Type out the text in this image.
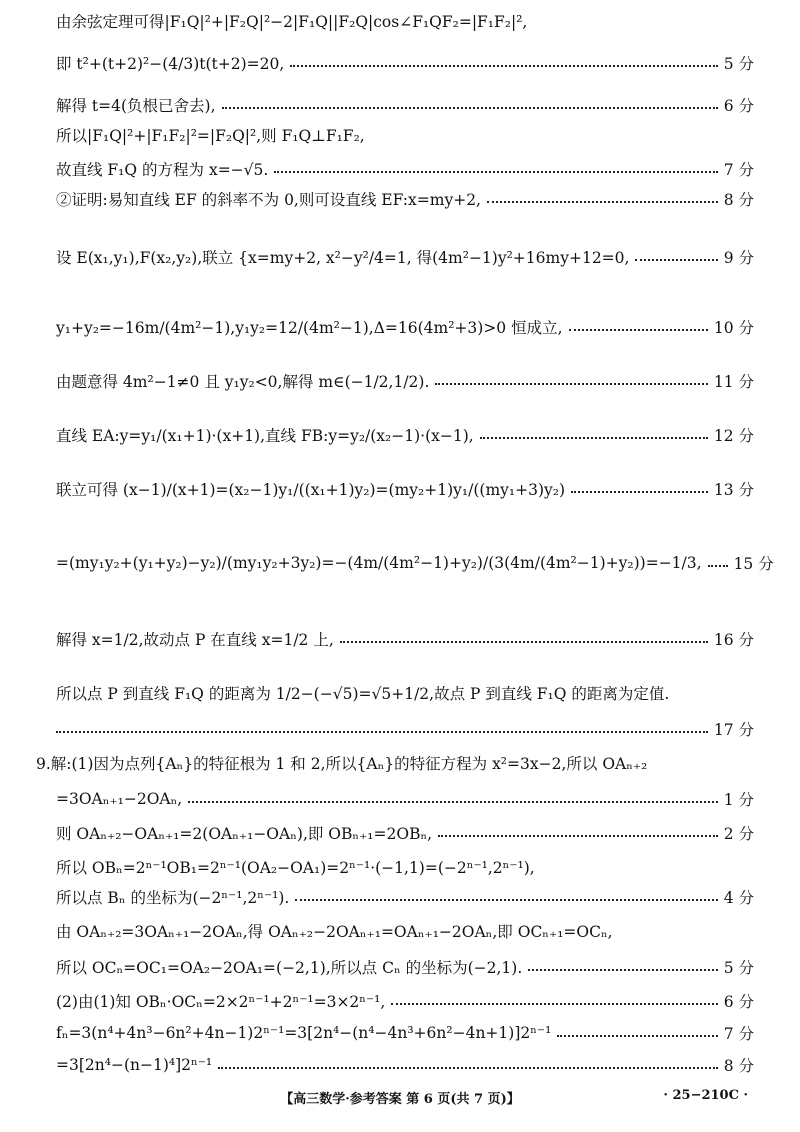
由余弦定理可得|F₁Q|²+|F₂Q|²−2|F₁Q||F₂Q|cos∠F₁QF₂=|F₁F₂|²,
即 t²+(t+2)²−(4/3)t(t+2)=20,	5 分
解得 t=4(负根已舍去),	6 分
所以|F₁Q|²+|F₁F₂|²=|F₂Q|²,则 F₁Q⊥F₁F₂,
故直线 F₁Q 的方程为 x=−√5.	7 分
②证明:易知直线 EF 的斜率不为 0,则可设直线 EF:x=my+2,	8 分
设 E(x₁,y₁),F(x₂,y₂),联立 {x=my+2, x²−y²/4=1, 得(4m²−1)y²+16my+12=0,	9 分
y₁+y₂=−16m/(4m²−1),y₁y₂=12/(4m²−1),Δ=16(4m²+3)>0 恒成立,	10 分
由题意得 4m²−1≠0 且 y₁y₂<0,解得 m∈(−1/2,1/2).	11 分
直线 EA:y=y₁/(x₁+1)·(x+1),直线 FB:y=y₂/(x₂−1)·(x−1),	12 分
联立可得 (x−1)/(x+1)=(x₂−1)y₁/((x₁+1)y₂)=(my₂+1)y₁/((my₁+3)y₂)	13 分
=(my₁y₂+(y₁+y₂)−y₂)/(my₁y₂+3y₂)=−(4m/(4m²−1)+y₂)/(3(4m/(4m²−1)+y₂))=−1/3, 15 分
解得 x=1/2,故动点 P 在直线 x=1/2 上,	16 分
所以点 P 到直线 F₁Q 的距离为 1/2−(−√5)=√5+1/2,故点 P 到直线 F₁Q 的距离为定值.
17 分
9.解:(1)因为点列{Aₙ}的特征根为 1 和 2,所以{Aₙ}的特征方程为 x²=3x−2,所以 OAₙ₊₂
=3OAₙ₊₁−2OAₙ,	1 分
则 OAₙ₊₂−OAₙ₊₁=2(OAₙ₊₁−OAₙ),即 OBₙ₊₁=2OBₙ,	2 分
所以 OBₙ=2ⁿ⁻¹OB₁=2ⁿ⁻¹(OA₂−OA₁)=2ⁿ⁻¹·(−1,1)=(−2ⁿ⁻¹,2ⁿ⁻¹),
所以点 Bₙ 的坐标为(−2ⁿ⁻¹,2ⁿ⁻¹).	4 分
由 OAₙ₊₂=3OAₙ₊₁−2OAₙ,得 OAₙ₊₂−2OAₙ₊₁=OAₙ₊₁−2OAₙ,即 OCₙ₊₁=OCₙ,
所以 OCₙ=OC₁=OA₂−2OA₁=(−2,1),所以点 Cₙ 的坐标为(−2,1).	5 分
(2)由(1)知 OBₙ·OCₙ=2×2ⁿ⁻¹+2ⁿ⁻¹=3×2ⁿ⁻¹,	6 分
fₙ=3(n⁴+4n³−6n²+4n−1)2ⁿ⁻¹=3[2n⁴−(n⁴−4n³+6n²−4n+1)]2ⁿ⁻¹	7 分
=3[2n⁴−(n−1)⁴]2ⁿ⁻¹	8 分
【高三数学·参考答案 第 6 页(共 7 页)】	· 25−210C ·
